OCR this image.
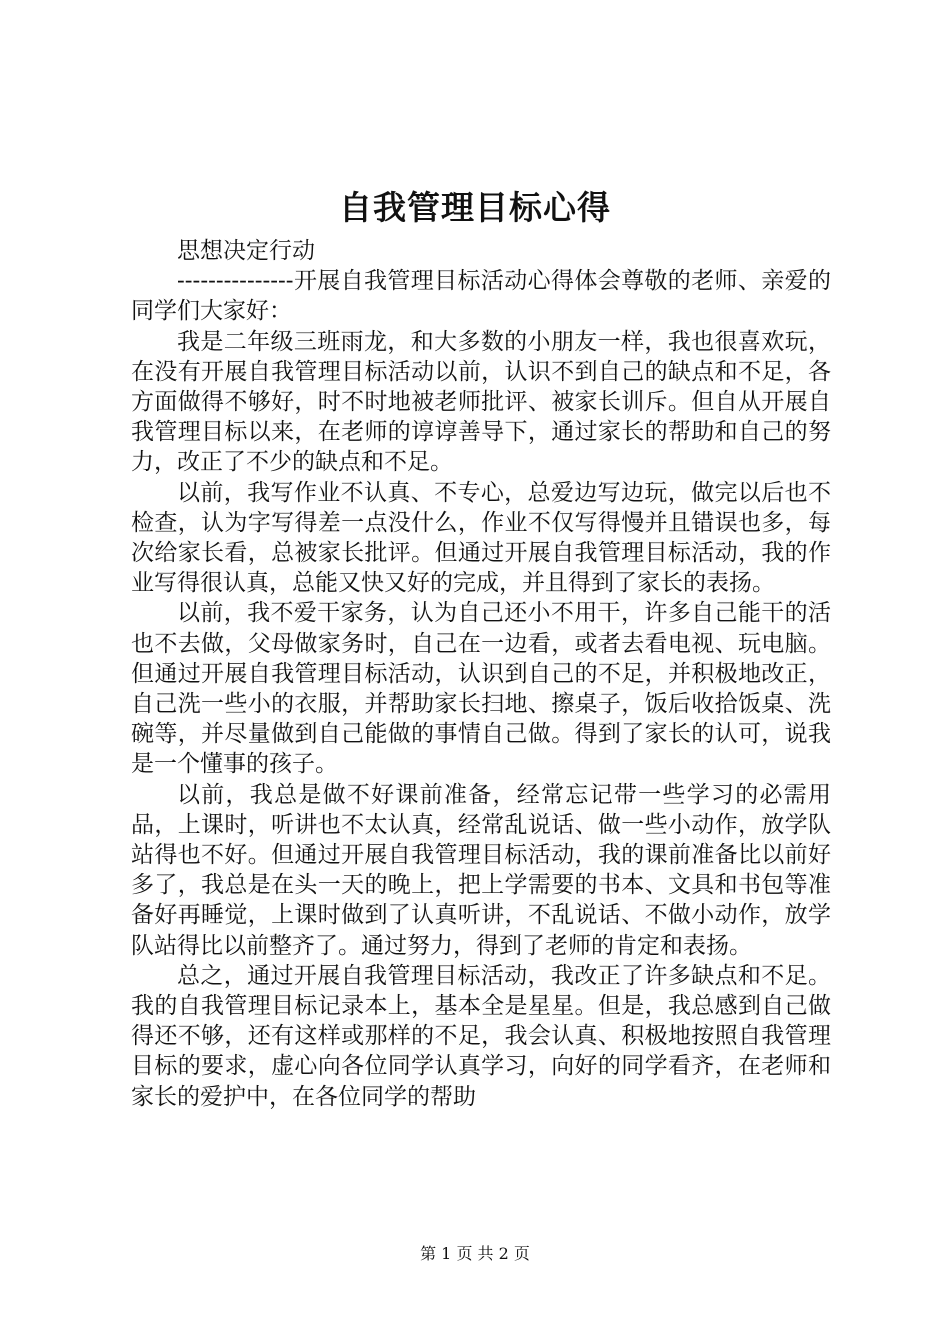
自我管理目标心得

思想决定行动

---------------开展自我管理目标活动心得体会尊敬的老师、亲爱的同学们大家好：

我是二年级三班雨龙，和大多数的小朋友一样，我也很喜欢玩，在没有开展自我管理目标活动以前，认识不到自己的缺点和不足，各方面做得不够好，时不时地被老师批评、被家长训斥。但自从开展自我管理目标以来，在老师的谆谆善导下，通过家长的帮助和自己的努力，改正了不少的缺点和不足。

以前，我写作业不认真、不专心，总爱边写边玩，做完以后也不检查，认为字写得差一点没什么，作业不仅写得慢并且错误也多，每次给家长看，总被家长批评。但通过开展自我管理目标活动，我的作业写得很认真，总能又快又好的完成，并且得到了家长的表扬。

以前，我不爱干家务，认为自己还小不用干，许多自己能干的活也不去做，父母做家务时，自己在一边看，或者去看电视、玩电脑。但通过开展自我管理目标活动，认识到自己的不足，并积极地改正，自己洗一些小的衣服，并帮助家长扫地、擦桌子，饭后收拾饭桌、洗碗等，并尽量做到自己能做的事情自己做。得到了家长的认可，说我是一个懂事的孩子。

以前，我总是做不好课前准备，经常忘记带一些学习的必需用品，上课时，听讲也不太认真，经常乱说话、做一些小动作，放学队站得也不好。但通过开展自我管理目标活动，我的课前准备比以前好多了，我总是在头一天的晚上，把上学需要的书本、文具和书包等准备好再睡觉，上课时做到了认真听讲，不乱说话、不做小动作，放学队站得比以前整齐了。通过努力，得到了老师的肯定和表扬。

总之，通过开展自我管理目标活动，我改正了许多缺点和不足。我的自我管理目标记录本上，基本全是星星。但是，我总感到自己做得还不够，还有这样或那样的不足，我会认真、积极地按照自我管理目标的要求，虚心向各位同学认真学习，向好的同学看齐，在老师和家长的爱护中，在各位同学的帮助

第 1 页 共 2 页
